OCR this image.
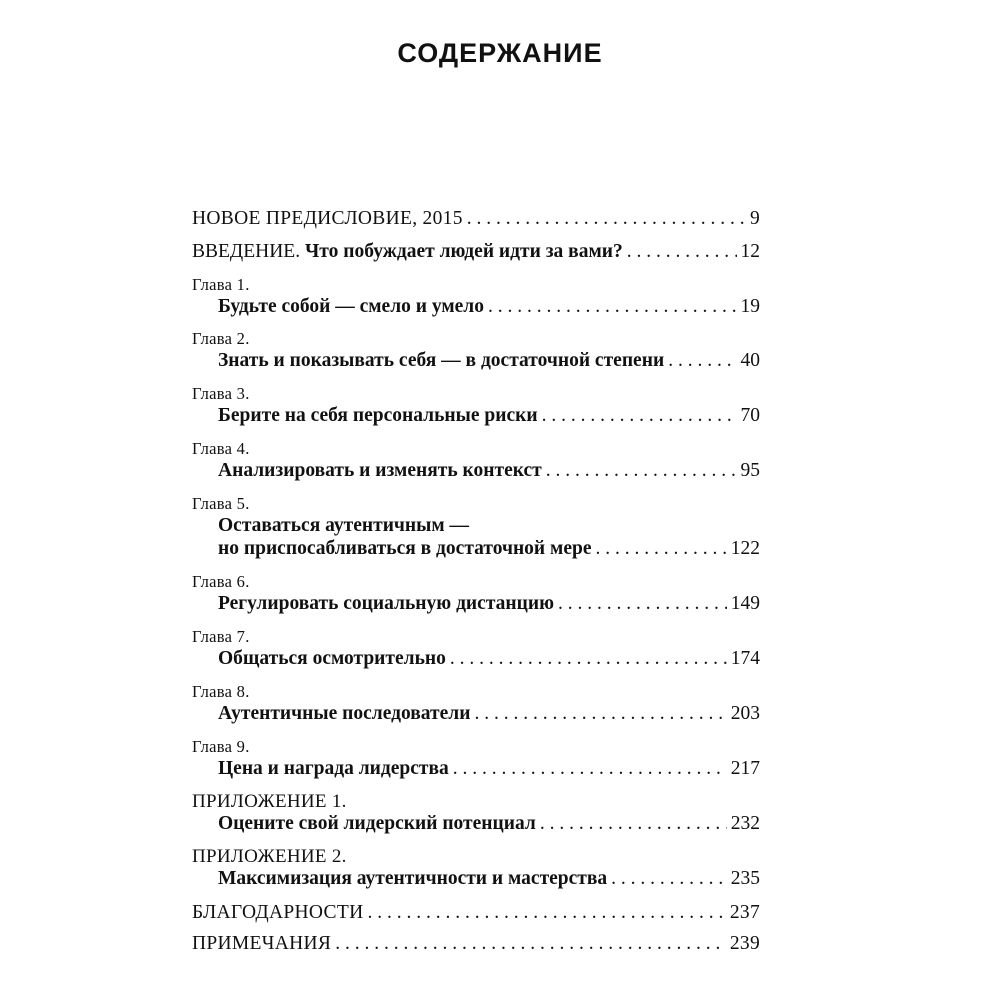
СОДЕРЖАНИЕ
НОВОЕ ПРЕДИСЛОВИЕ, 2015 . . .	9
ВВЕДЕНИЕ.
Что побуждает людей идти за вами? . . .	12
Глава 1.
Будьте собой — смело и умело . . .	19
Глава 2.
Знать и показывать себя — в достаточной степени . . .	40
Глава 3.
Берите на себя персональные риски . . .	70
Глава 4.
Анализировать и изменять контекст . . .	95
Глава 5.
Оставаться аутентичным —
но приспосабливаться в достаточной мере . . .	122
Глава 6.
Регулировать социальную дистанцию . . .	149
Глава 7.
Общаться осмотрительно . . .	174
Глава 8.
Аутентичные последователи . . .	203
Глава 9.
Цена и награда лидерства . . .	217
ПРИЛОЖЕНИЕ 1.
Оцените свой лидерский потенциал . . .	232
ПРИЛОЖЕНИЕ 2.
Максимизация аутентичности и мастерства . . .	235
БЛАГОДАРНОСТИ . . .	237
ПРИМЕЧАНИЯ . . .	239
